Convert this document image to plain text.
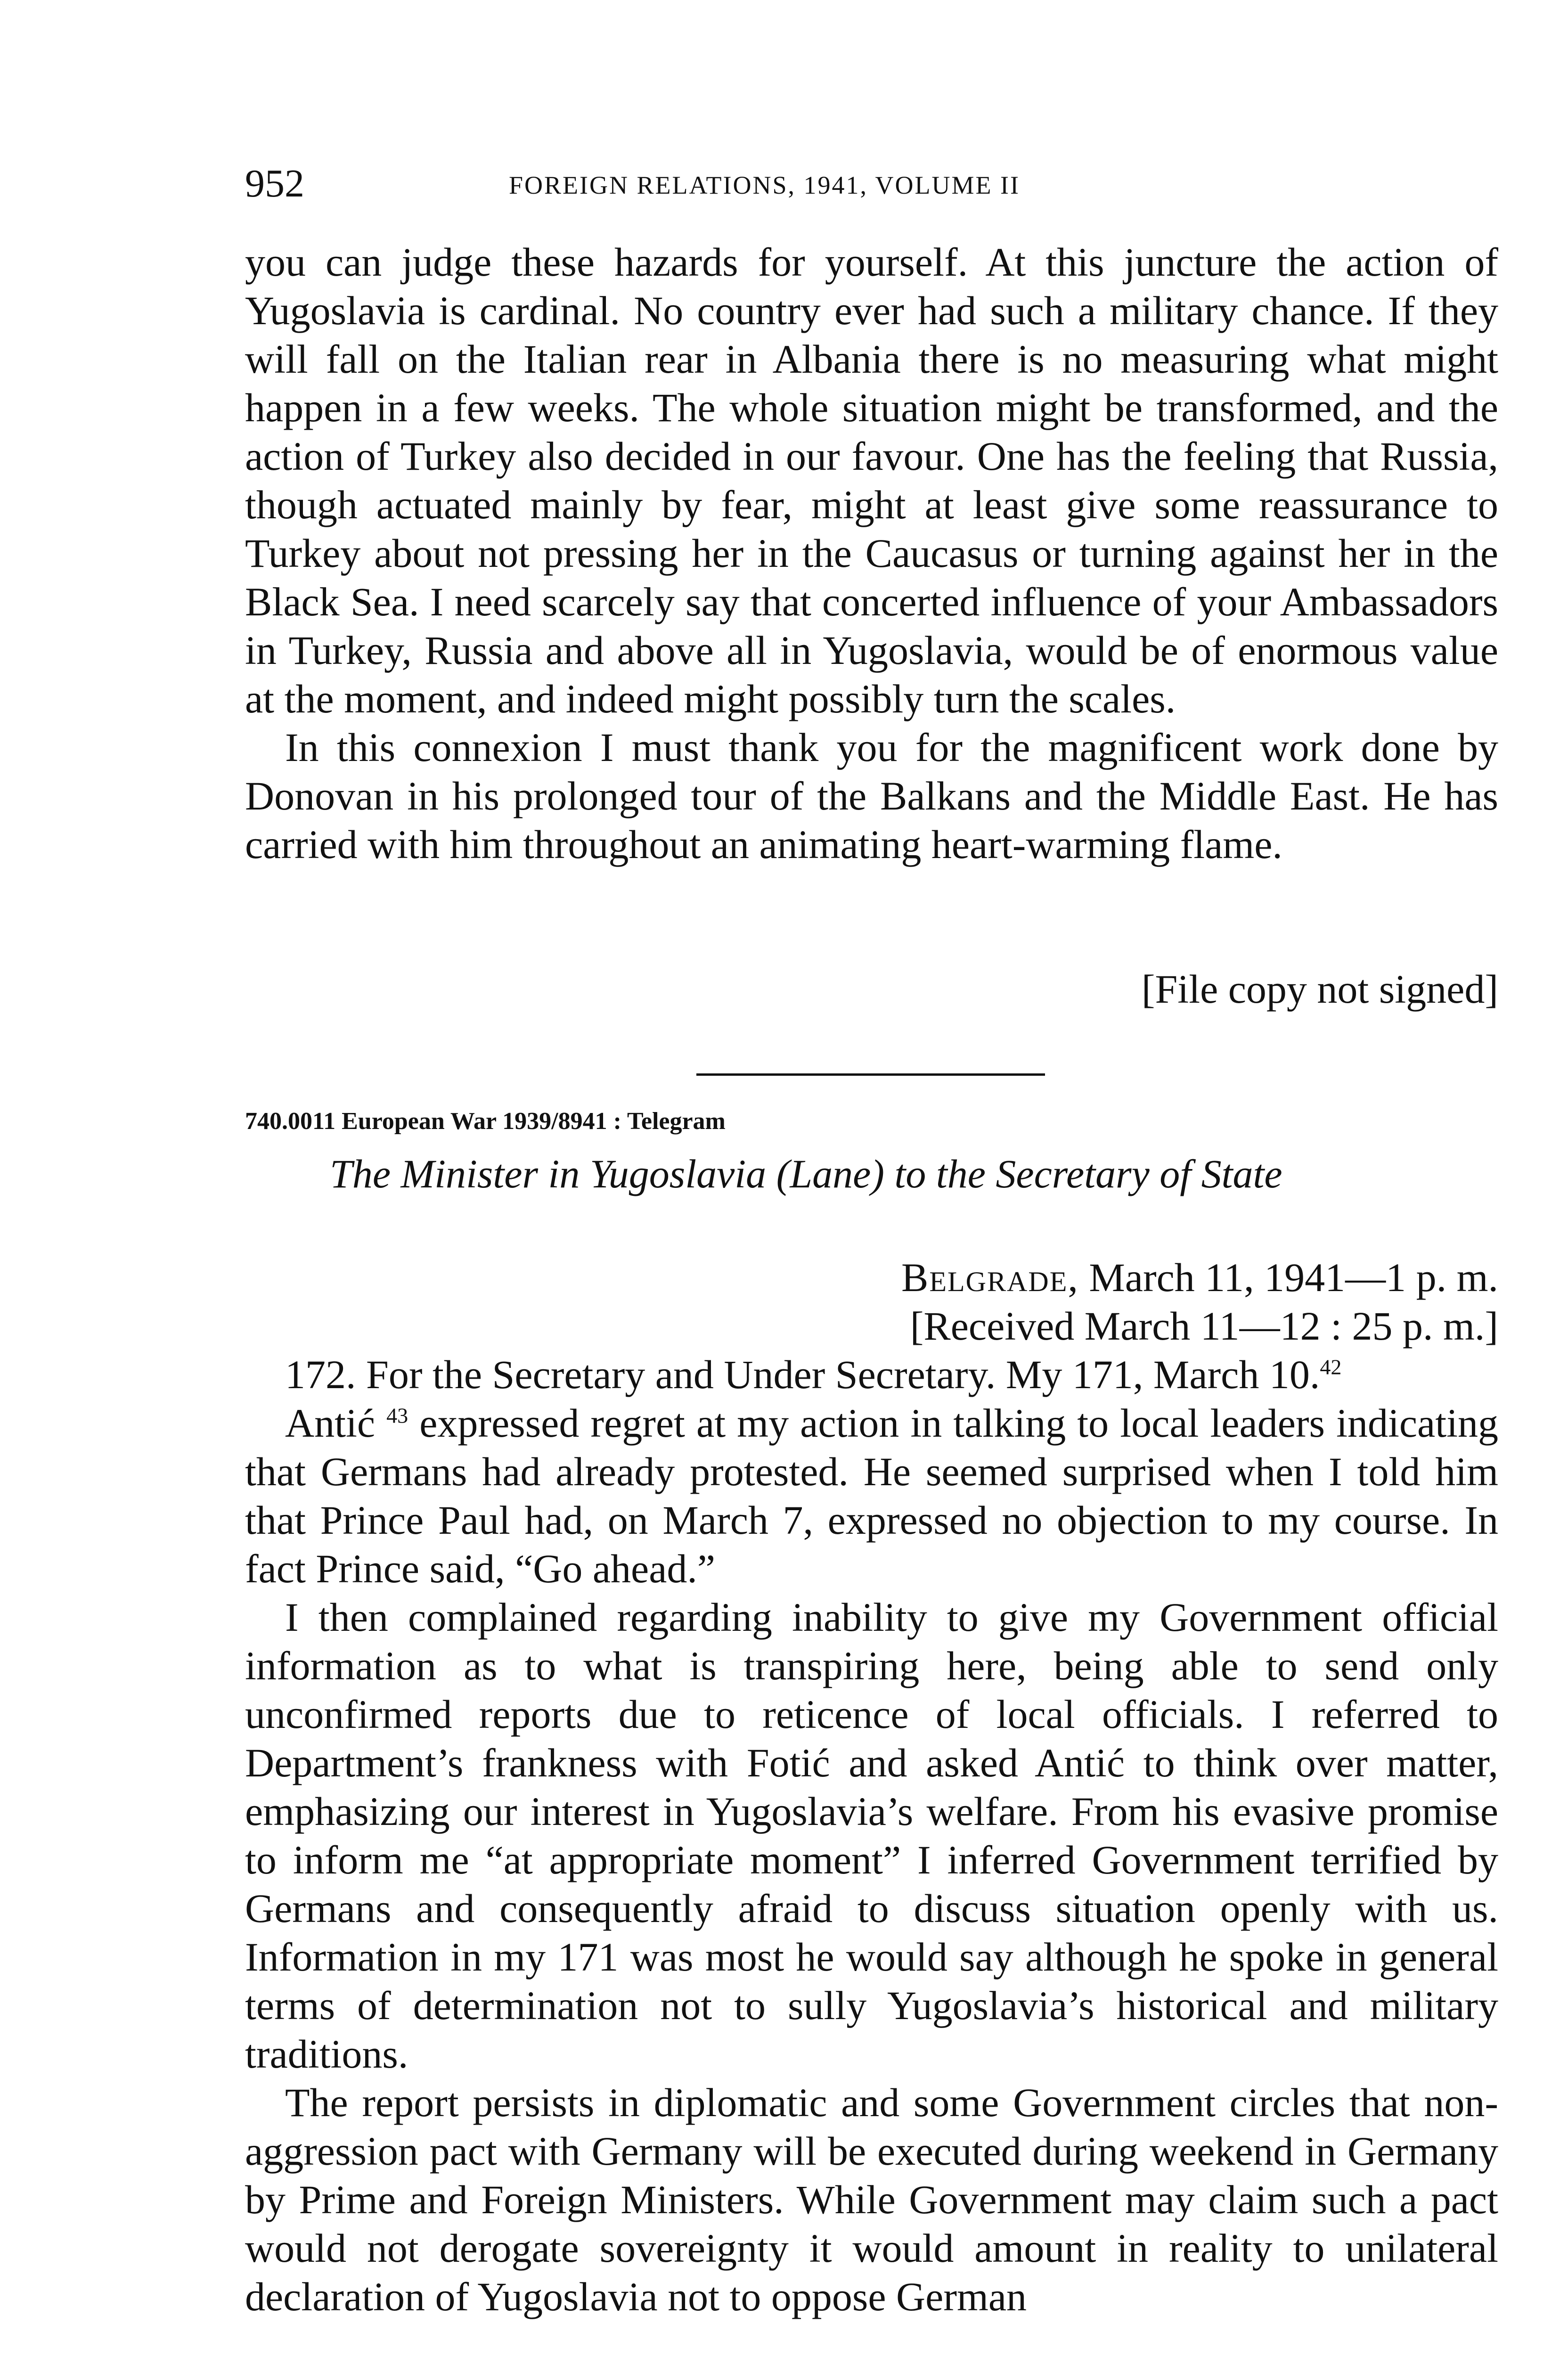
952	FOREIGN RELATIONS, 1941, VOLUME II

you can judge these hazards for yourself. At this juncture the action of Yugoslavia is cardinal. No country ever had such a military chance. If they will fall on the Italian rear in Albania there is no measuring what might happen in a few weeks. The whole situation might be transformed, and the action of Turkey also decided in our favour. One has the feeling that Russia, though actuated mainly by fear, might at least give some reassurance to Turkey about not pressing her in the Caucasus or turning against her in the Black Sea. I need scarcely say that concerted influence of your Ambassadors in Turkey, Russia and above all in Yugoslavia, would be of enormous value at the moment, and indeed might possibly turn the scales.

In this connexion I must thank you for the magnificent work done by Donovan in his prolonged tour of the Balkans and the Middle East. He has carried with him throughout an animating heart-warming flame.

[File copy not signed]
740.0011 European War 1939/8941 : Telegram
The Minister in Yugoslavia (Lane) to the Secretary of State
Belgrade, March 11, 1941—1 p. m.
[Received March 11—12 : 25 p. m.]

172. For the Secretary and Under Secretary. My 171, March 10.42

Antić $^{43}$ expressed regret at my action in talking to local leaders indicating that Germans had already protested. He seemed surprised when I told him that Prince Paul had, on March 7, expressed no objection to my course. In fact Prince said, “Go ahead.”

I then complained regarding inability to give my Government official information as to what is transpiring here, being able to send only unconfirmed reports due to reticence of local officials. I referred to Department’s frankness with Fotić and asked Antić to think over matter, emphasizing our interest in Yugoslavia’s welfare. From his evasive promise to inform me “at appropriate moment” I inferred Government terrified by Germans and consequently afraid to discuss situation openly with us. Information in my 171 was most he would say although he spoke in general terms of determination not to sully Yugoslavia’s historical and military traditions.

The report persists in diplomatic and some Government circles that non-aggression pact with Germany will be executed during weekend in Germany by Prime and Foreign Ministers. While Government may claim such a pact would not derogate sovereignty it would amount in reality to unilateral declaration of Yugoslavia not to oppose German
